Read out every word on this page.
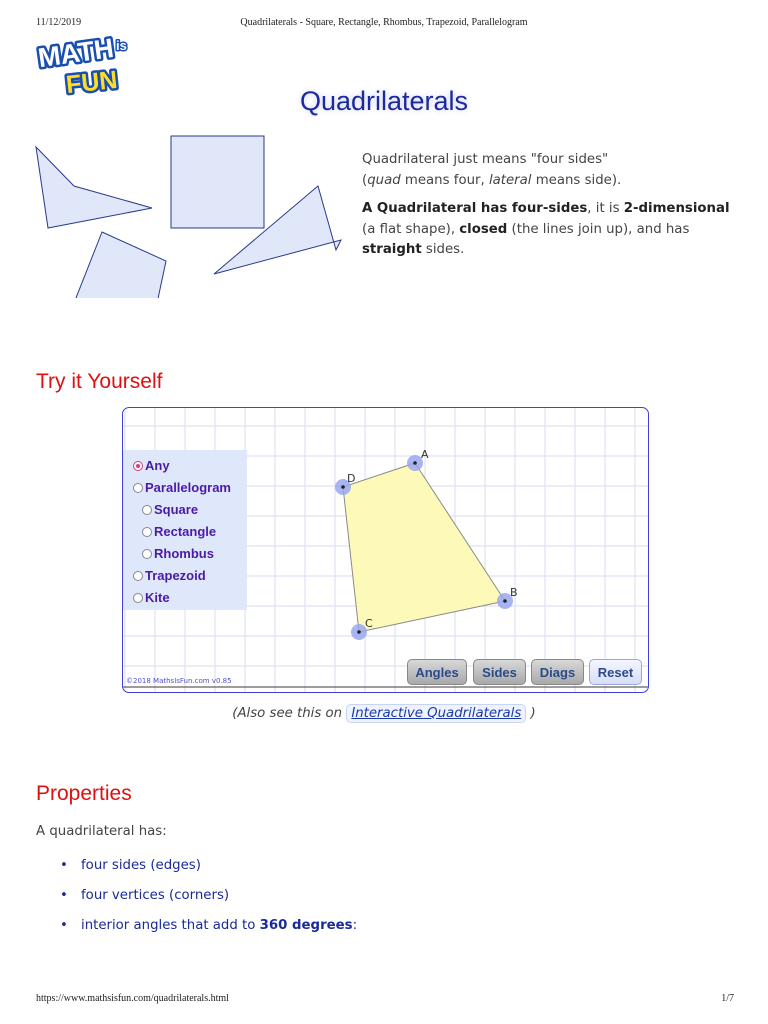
11/12/2019	Quadrilaterals - Square, Rectangle, Rhombus, Trapezoid, Parallelogram
MATH is
FUN
Quadrilaterals

Quadrilateral just means "four sides"
(quad means four, lateral means side).

A Quadrilateral has four-sides, it is 2-dimensional (a flat shape), closed (the lines join up), and has straight sides.

Try it Yourself
A
B
C
D
Any
Parallelogram
Square
Rectangle
Rhombus
Trapezoid
Kite
©2018 MathsIsFun.com v0.85
Angles	Sides	Diags	Reset
(Also see this on Interactive Quadrilaterals )
Properties
A quadrilateral has:
• four sides (edges)
• four vertices (corners)
• interior angles that add to 360 degrees:
https://www.mathsisfun.com/quadrilaterals.html	1/7
